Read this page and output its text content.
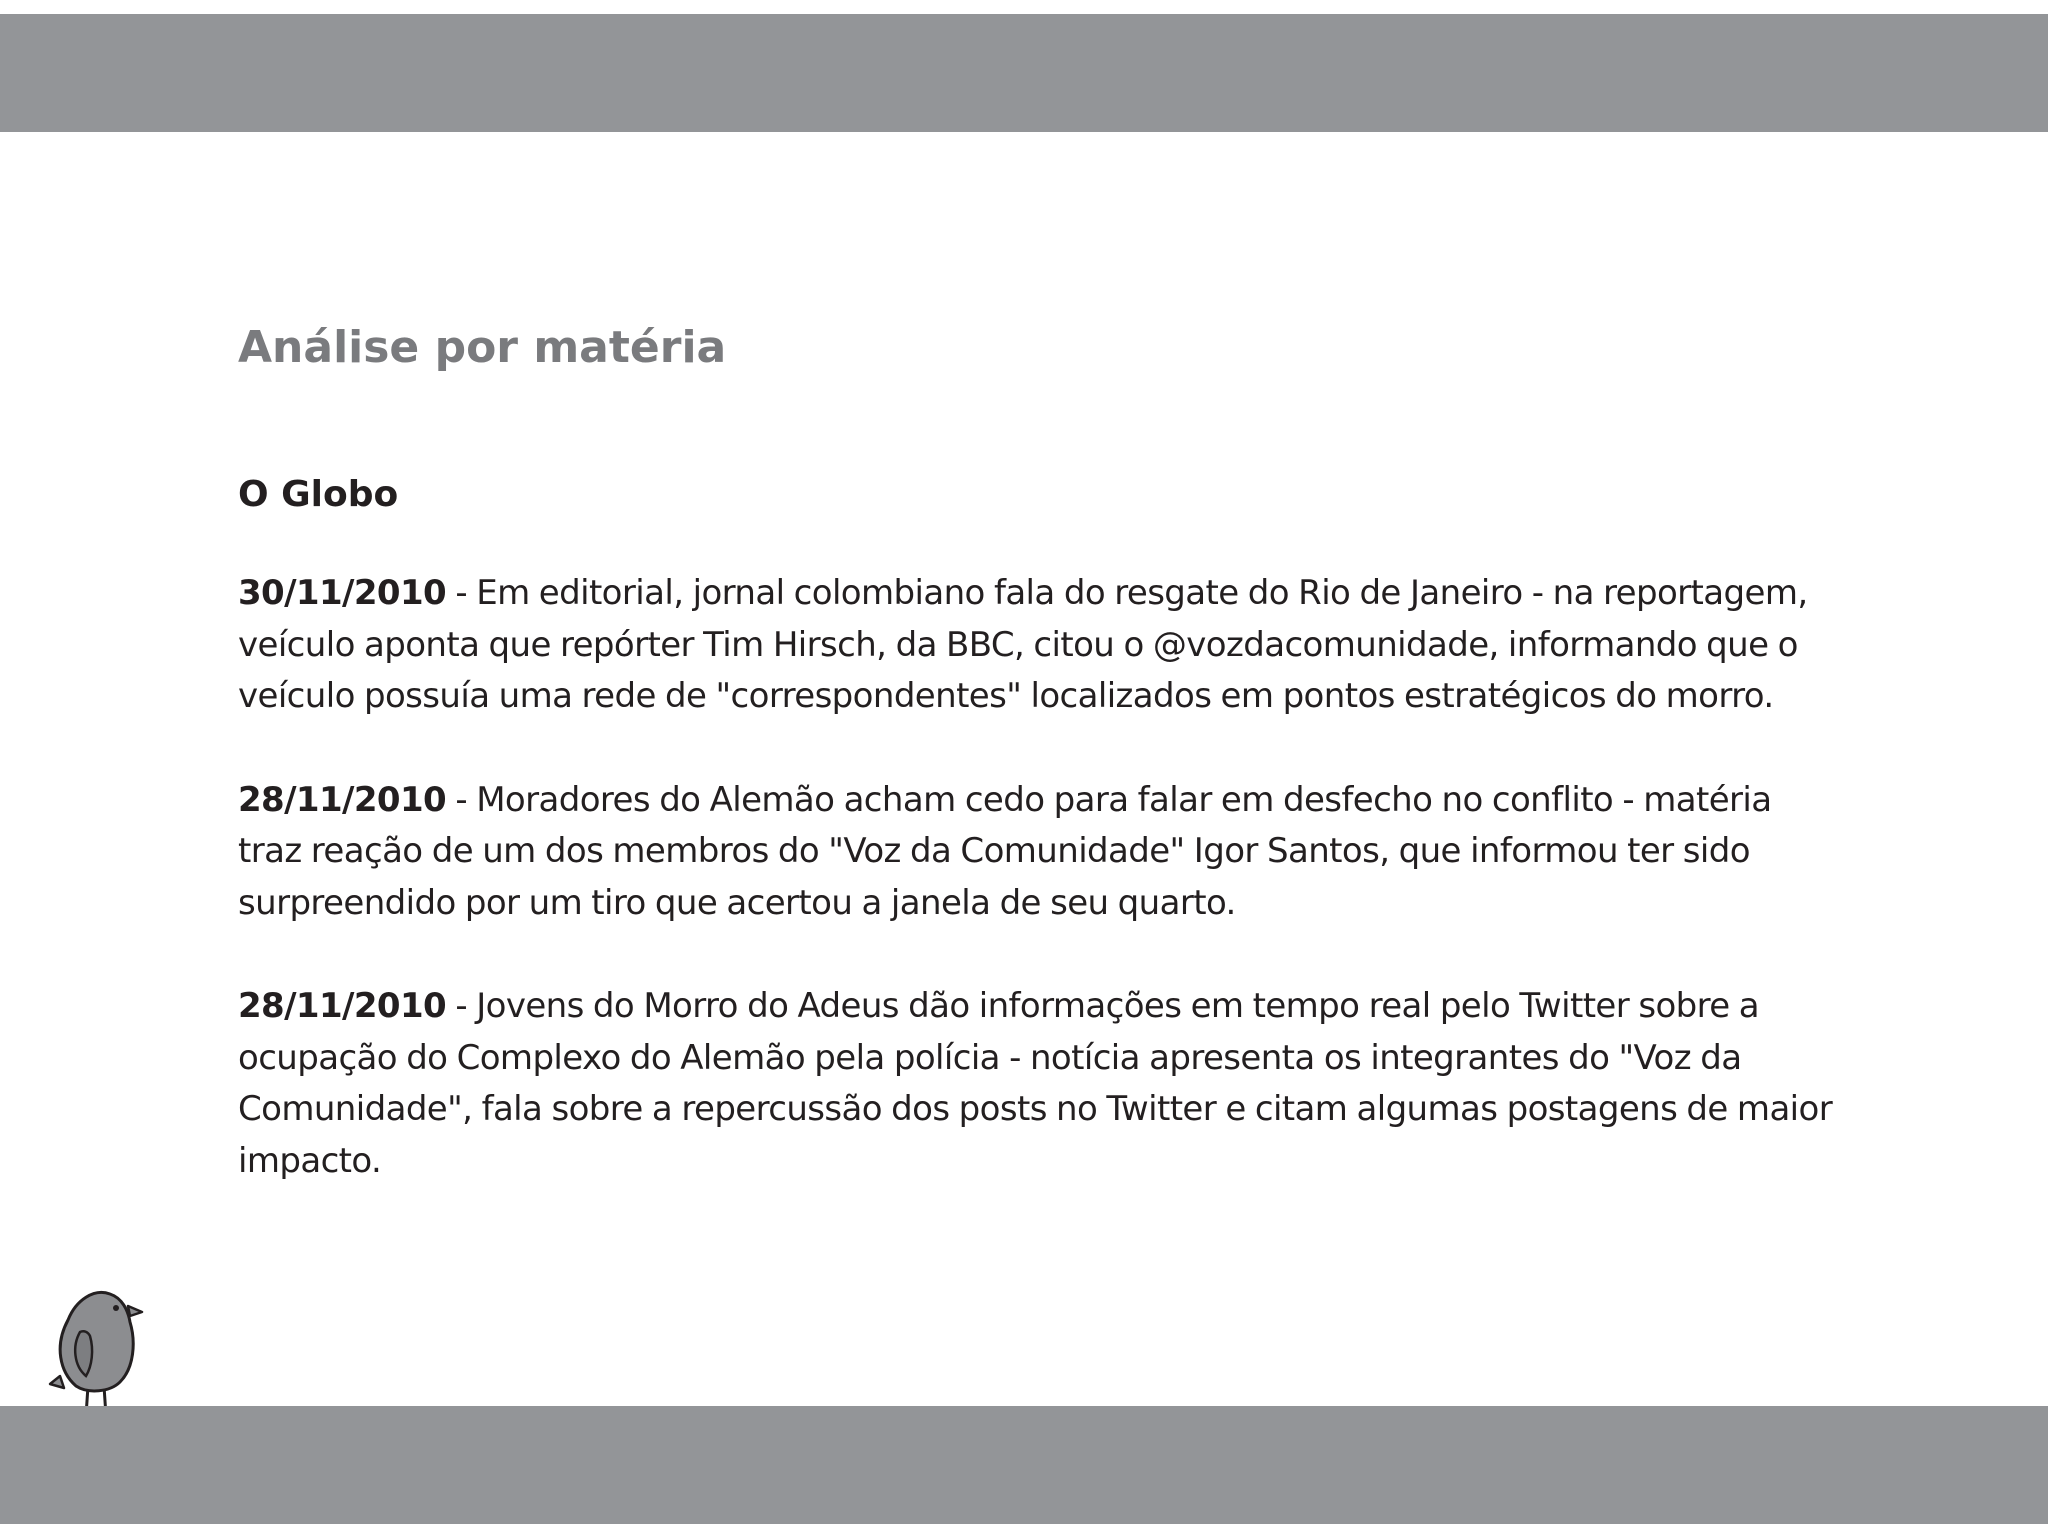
Análise por matéria
O Globo

30/11/2010 - Em editorial, jornal colombiano fala do resgate do Rio de Janeiro - na reportagem, veículo aponta que repórter Tim Hirsch, da BBC, citou o @vozdacomunidade, informando que o veículo possuía uma rede de "correspondentes" localizados em pontos estratégicos do morro.

28/11/2010 - Moradores do Alemão acham cedo para falar em desfecho no conflito - matéria traz reação de um dos membros do "Voz da Comunidade" Igor Santos, que informou ter sido surpreendido por um tiro que acertou a janela de seu quarto.

28/11/2010 - Jovens do Morro do Adeus dão informações em tempo real pelo Twitter sobre a ocupação do Complexo do Alemão pela polícia - notícia apresenta os integrantes do "Voz da Comunidade", fala sobre a repercussão dos posts no Twitter e citam algumas postagens de maior impacto.
